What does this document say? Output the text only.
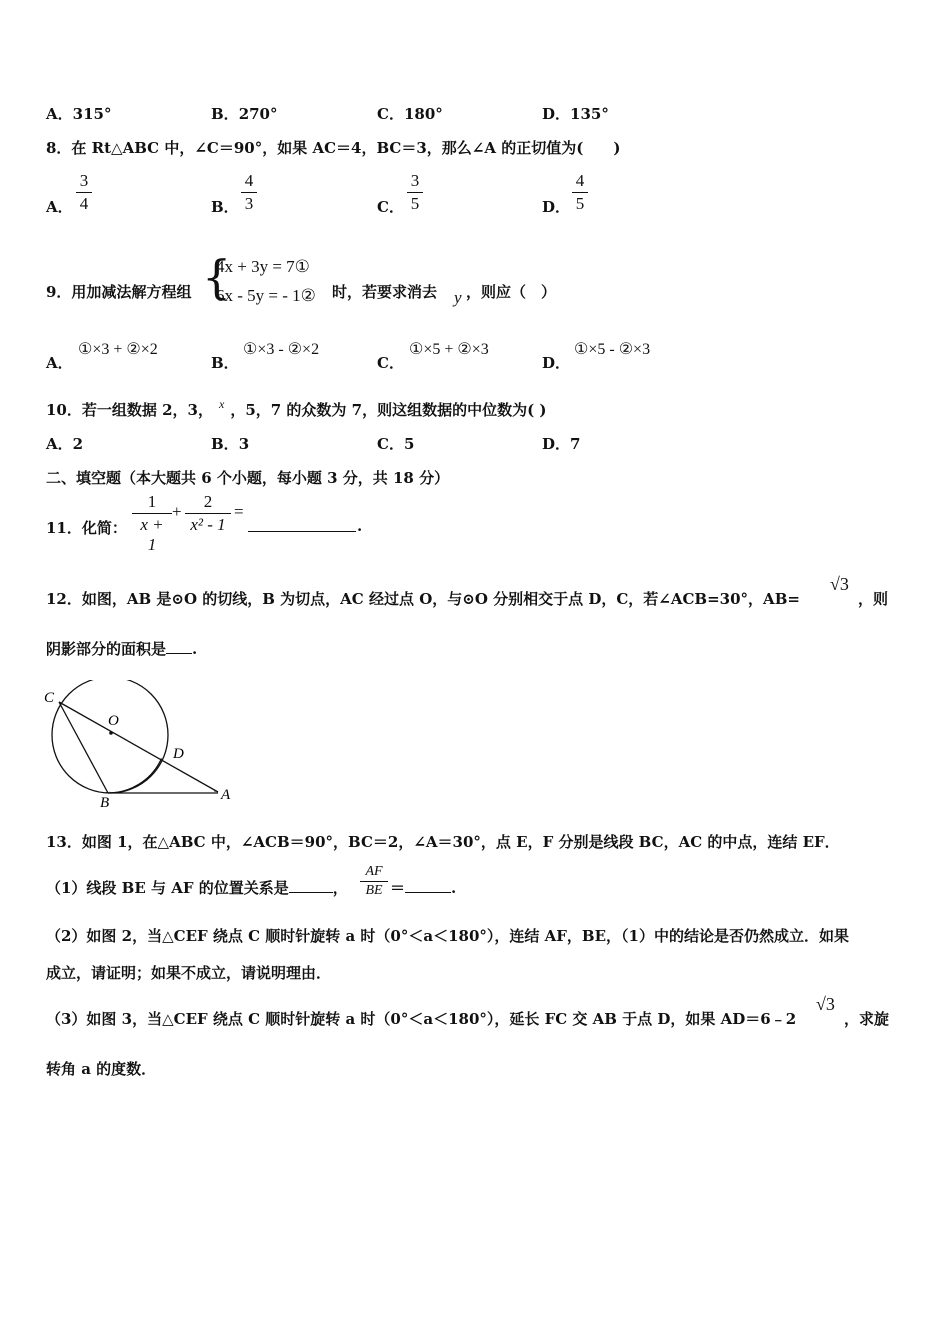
A．315°	B．270°	C．180°	D．135°
8．在 Rt△ABC 中，∠C＝90°，如果 AC＝4，BC＝3，那么∠A 的正切值为(　　)
A．
3
4	B．
4
3	C．
3
5	D．
4
5
9．用加减法解方程组 {
4x + 3y = 7①
6x - 5y = - 1② 时，若要求消去 y ，则应（　）
A．
①×3 + ②×2
B．
①×3 - ②×2
C．
①×5 + ②×3
D．
①×5 - ②×3
10．若一组数据 2，3， $^x$ ，5，7 的众数为 7，则这组数据的中位数为( )
A．2	B．3	C．5	D．7
二、填空题（本大题共 6 个小题，每小题 3 分，共 18 分）
11．化简：
1
x + 1
+
2
x² - 1
=
.
12．如图，AB 是⊙O 的切线，B 为切点，AC 经过点 O，与⊙O 分别相交于点 D，C，若∠ACB=30°，AB=
√3
，则
阴影部分的面积是 .
C
O
D
B	A
13．如图 1，在△ABC 中，∠ACB＝90°，BC＝2，∠A＝30°，点 E，F 分别是线段 BC，AC 的中点，连结 EF．
（1）线段 BE 与 AF 的位置关系是	，
AF
BE ＝	.
（2）如图 2，当△CEF 绕点 C 顺时针旋转 a 时（0°＜a＜180°），连结 AF，BE，（1）中的结论是否仍然成立．如果
成立，请证明；如果不成立，请说明理由．
（3）如图 3，当△CEF 绕点 C 顺时针旋转 a 时（0°＜a＜180°），延长 FC 交 AB 于点 D，如果 AD＝6﹣2
√3
，求旋
转角 a 的度数．
